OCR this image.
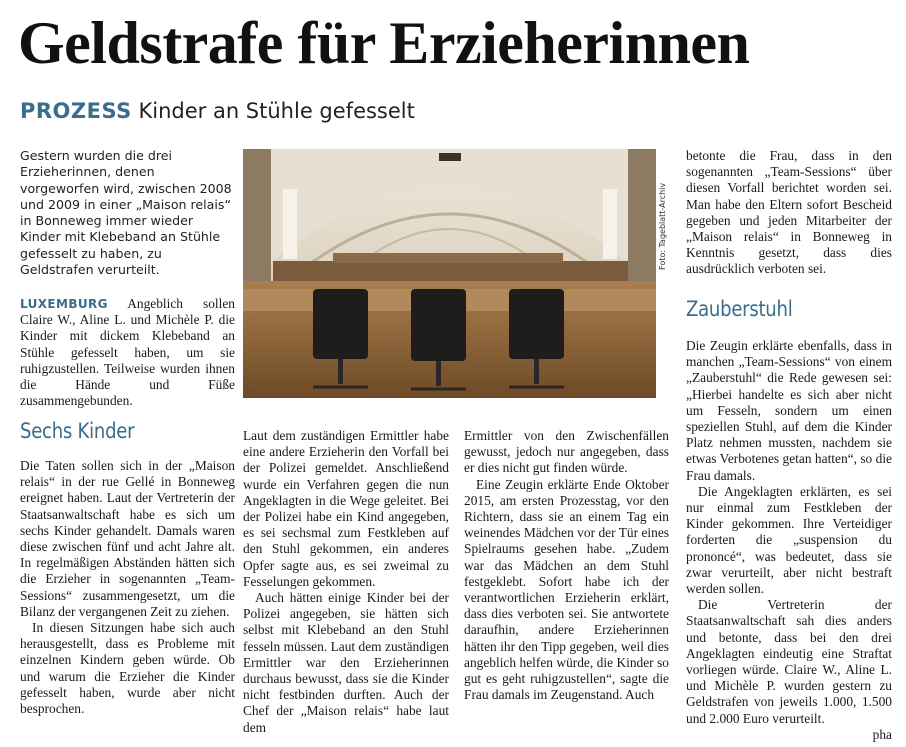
Geldstrafe für Erzieherinnen
PROZESS Kinder an Stühle gefesselt
Gestern wurden die drei Erzieherinnen, denen vorgeworfen wird, zwischen 2008 und 2009 in einer „Maison relais“ in Bonneweg immer wieder Kinder mit Klebeband an Stühle gefesselt zu haben, zu Geldstrafen verurteilt.

LUXEMBURG Angeblich sollen Claire W., Aline L. und Michèle P. die Kinder mit dickem Klebeband an Stühle gefesselt haben, um sie ruhigzustellen. Teilweise wurden ihnen die Hände und Füße zusammengebunden.

Sechs Kinder

Die Taten sollen sich in der „Maison relais“ in der rue Gellé in Bonneweg ereignet haben. Laut der Vertreterin der Staatsanwaltschaft habe es sich um sechs Kinder gehandelt. Damals waren diese zwischen fünf und acht Jahre alt. In regelmäßigen Abständen hätten sich die Erzieher in sogenannten „Team-Sessions“ zusammengesetzt, um die Bilanz der vergangenen Zeit zu ziehen.

In diesen Sitzungen habe sich auch herausgestellt, dass es Probleme mit einzelnen Kindern geben würde. Ob und warum die Erzieher die Kinder gefesselt haben, wurde aber nicht besprochen.

Foto: Tageblatt-Archiv

Laut dem zuständigen Ermittler habe eine andere Erzieherin den Vorfall bei der Polizei gemeldet. Anschließend wurde ein Verfahren gegen die nun Angeklagten in die Wege geleitet. Bei der Polizei habe ein Kind angegeben, es sei sechsmal zum Festkleben auf den Stuhl gekommen, ein anderes Opfer sagte aus, es sei zweimal zu Fesselungen gekommen.

Auch hätten einige Kinder bei der Polizei angegeben, sie hätten sich selbst mit Klebeband an den Stuhl fesseln müssen. Laut dem zuständigen Ermittler war den Erzieherinnen durchaus bewusst, dass sie die Kinder nicht festbinden durften. Auch der Chef der „Maison relais“ habe laut dem

Ermittler von den Zwischenfällen gewusst, jedoch nur angegeben, dass er dies nicht gut finden würde.

Eine Zeugin erklärte Ende Oktober 2015, am ersten Prozesstag, vor den Richtern, dass sie an einem Tag ein weinendes Mädchen vor der Tür eines Spielraums gesehen habe. „Zudem war das Mädchen an dem Stuhl festgeklebt. Sofort habe ich der verantwortlichen Erzieherin erklärt, dass dies verboten sei. Sie antwortete daraufhin, andere Erzieherinnen hätten ihr den Tipp gegeben, weil dies angeblich helfen würde, die Kinder so gut es geht ruhigzustellen“, sagte die Frau damals im Zeugenstand. Auch

betonte die Frau, dass in den sogenannten „Team-Sessions“ über diesen Vorfall berichtet worden sei. Man habe den Eltern sofort Bescheid gegeben und jeden Mitarbeiter der „Maison relais“ in Bonneweg in Kenntnis gesetzt, dass dies ausdrücklich verboten sei.

Zauberstuhl

Die Zeugin erklärte ebenfalls, dass in manchen „Team-Sessions“ von einem „Zauberstuhl“ die Rede gewesen sei: „Hierbei handelte es sich aber nicht um Fesseln, sondern um einen speziellen Stuhl, auf dem die Kinder Platz nehmen mussten, nachdem sie etwas Verbotenes getan hatten“, so die Frau damals.

Die Angeklagten erklärten, es sei nur einmal zum Festkleben der Kinder gekommen. Ihre Verteidiger forderten die „suspension du prononcé“, was bedeutet, dass sie zwar verurteilt, aber nicht bestraft werden sollen.

Die Vertreterin der Staatsanwaltschaft sah dies anders und betonte, dass bei den drei Angeklagten eindeutig eine Straftat vorliegen würde. Claire W., Aline L. und Michèle P. wurden gestern zu Geldstrafen von jeweils 1.000, 1.500 und 2.000 Euro verurteilt.

pha
